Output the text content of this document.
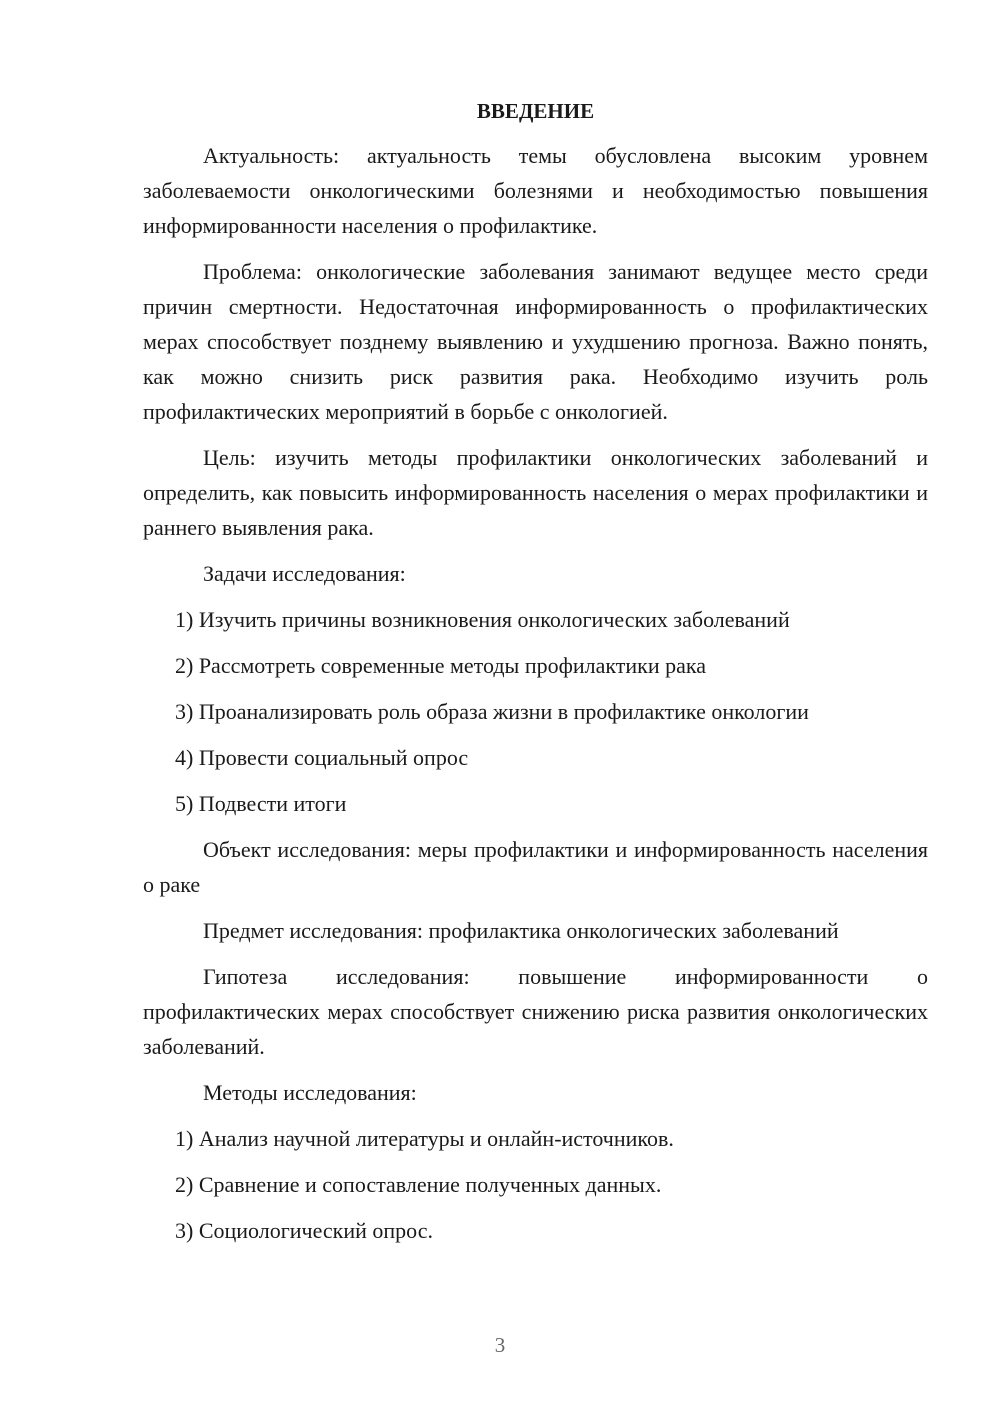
ВВЕДЕНИЕ

Актуальность: актуальность темы обусловлена высоким уровнем заболеваемости онкологическими болезнями и необходимостью повышения информированности населения о профилактике.

Проблема: онкологические заболевания занимают ведущее место среди причин смертности. Недостаточная информированность о профилактических мерах способствует позднему выявлению и ухудшению прогноза. Важно понять, как можно снизить риск развития рака. Необходимо изучить роль профилактических мероприятий в борьбе с онкологией.

Цель: изучить методы профилактики онкологических заболеваний и определить, как повысить информированность населения о мерах профилактики и раннего выявления рака.

Задачи исследования:

1) Изучить причины возникновения онкологических заболеваний
2) Рассмотреть современные методы профилактики рака
3) Проанализировать роль образа жизни в профилактике онкологии
4) Провести социальный опрос
5) Подвести итоги

Объект исследования: меры профилактики и информированность населения о раке

Предмет исследования: профилактика онкологических заболеваний

Гипотеза исследования: повышение информированности о профилактических мерах способствует снижению риска развития онкологических заболеваний.

Методы исследования:

1) Анализ научной литературы и онлайн-источников.
2) Сравнение и сопоставление полученных данных.
3) Социологический опрос.
3
